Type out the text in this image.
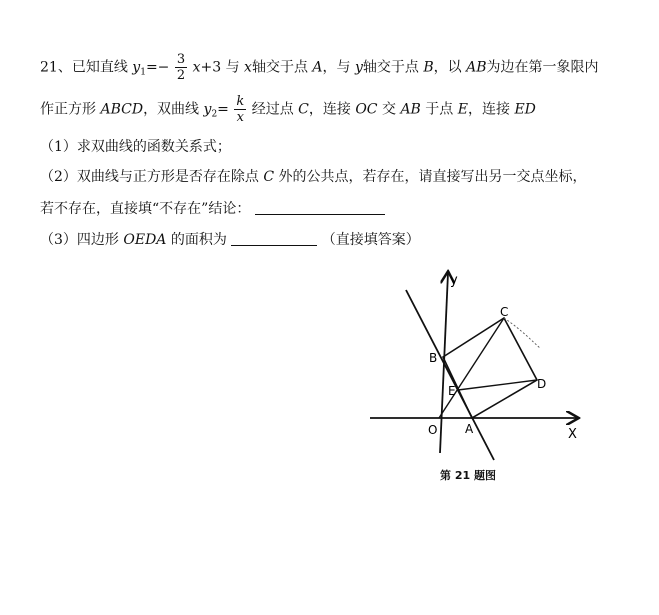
21、已知直线 $y_1=- \frac{3}{2} x+3$ 与 x轴交于点 A，与 y轴交于点 B，以 AB为边在第一象限内
作正方形 ABCD，双曲线 $y_2= \frac{k}{x}$ 经过点 C，连接 OC 交 AB 于点 E，连接 ED
（1）求双曲线的函数关系式；
（2）双曲线与正方形是否存在除点 C 外的公共点，若存在，请直接写出另一交点坐标，
若不存在，直接填“不存在”结论：
（3）四边形 OEDA 的面积为	（直接填答案）
y
X
O A
B
C
D
E
第 21 题图
